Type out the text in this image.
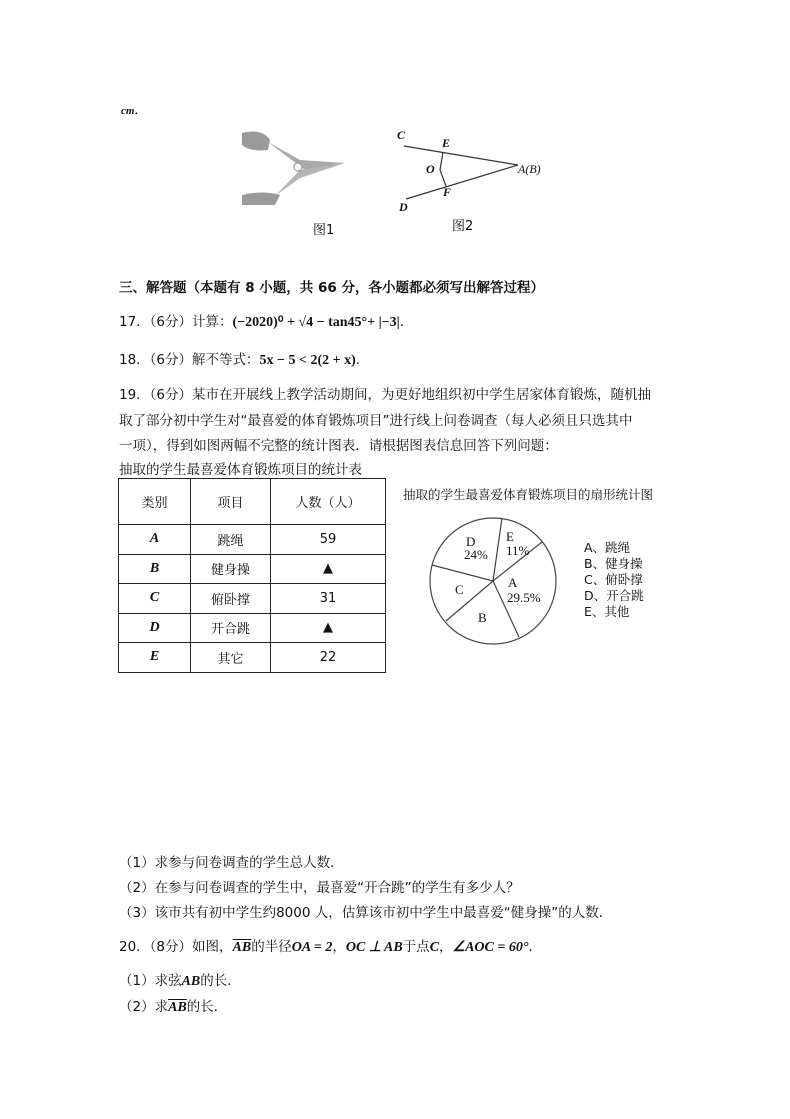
cm．
C
E
O	A(B)
F
D
图1	图2
三、解答题（本题有 8 小题，共 66 分，各小题都必须写出解答过程）
17．（6分）计算：(−2020)⁰ + √4 − tan45°+ |−3|.
18．（6分）解不等式：5x − 5 < 2(2 + x).
19．（6分）某市在开展线上教学活动期间，为更好地组织初中学生居家体育锻炼，随机抽
取了部分初中学生对“最喜爱的体育锻炼项目”进行线上问卷调查（每人必须且只选其中
一项），得到如图两幅不完整的统计图表．请根据图表信息回答下列问题：
抽取的学生最喜爱体育锻炼项目的统计表
类别	项目	人数（人）
A	跳绳	59
B	健身操	▲
C	俯卧撑	31
D	开合跳	▲
E	其它	22
抽取的学生最喜爱体育锻炼项目的扇形统计图
D
24%
E
11%
A
29.5%
C
B
A、跳绳
B、健身操
C、俯卧撑
D、开合跳
E、其他
（1）求参与问卷调查的学生总人数．
（2）在参与问卷调查的学生中，最喜爱“开合跳”的学生有多少人？
（3）该市共有初中学生约8000 人，估算该市初中学生中最喜爱“健身操”的人数．
20．（8分）如图，$\overline{AB}$的半径OA = 2，OC ⊥ AB于点C，∠AOC = 60°．
（1）求弦AB的长．
（2）求$\overline{AB}$的长．
